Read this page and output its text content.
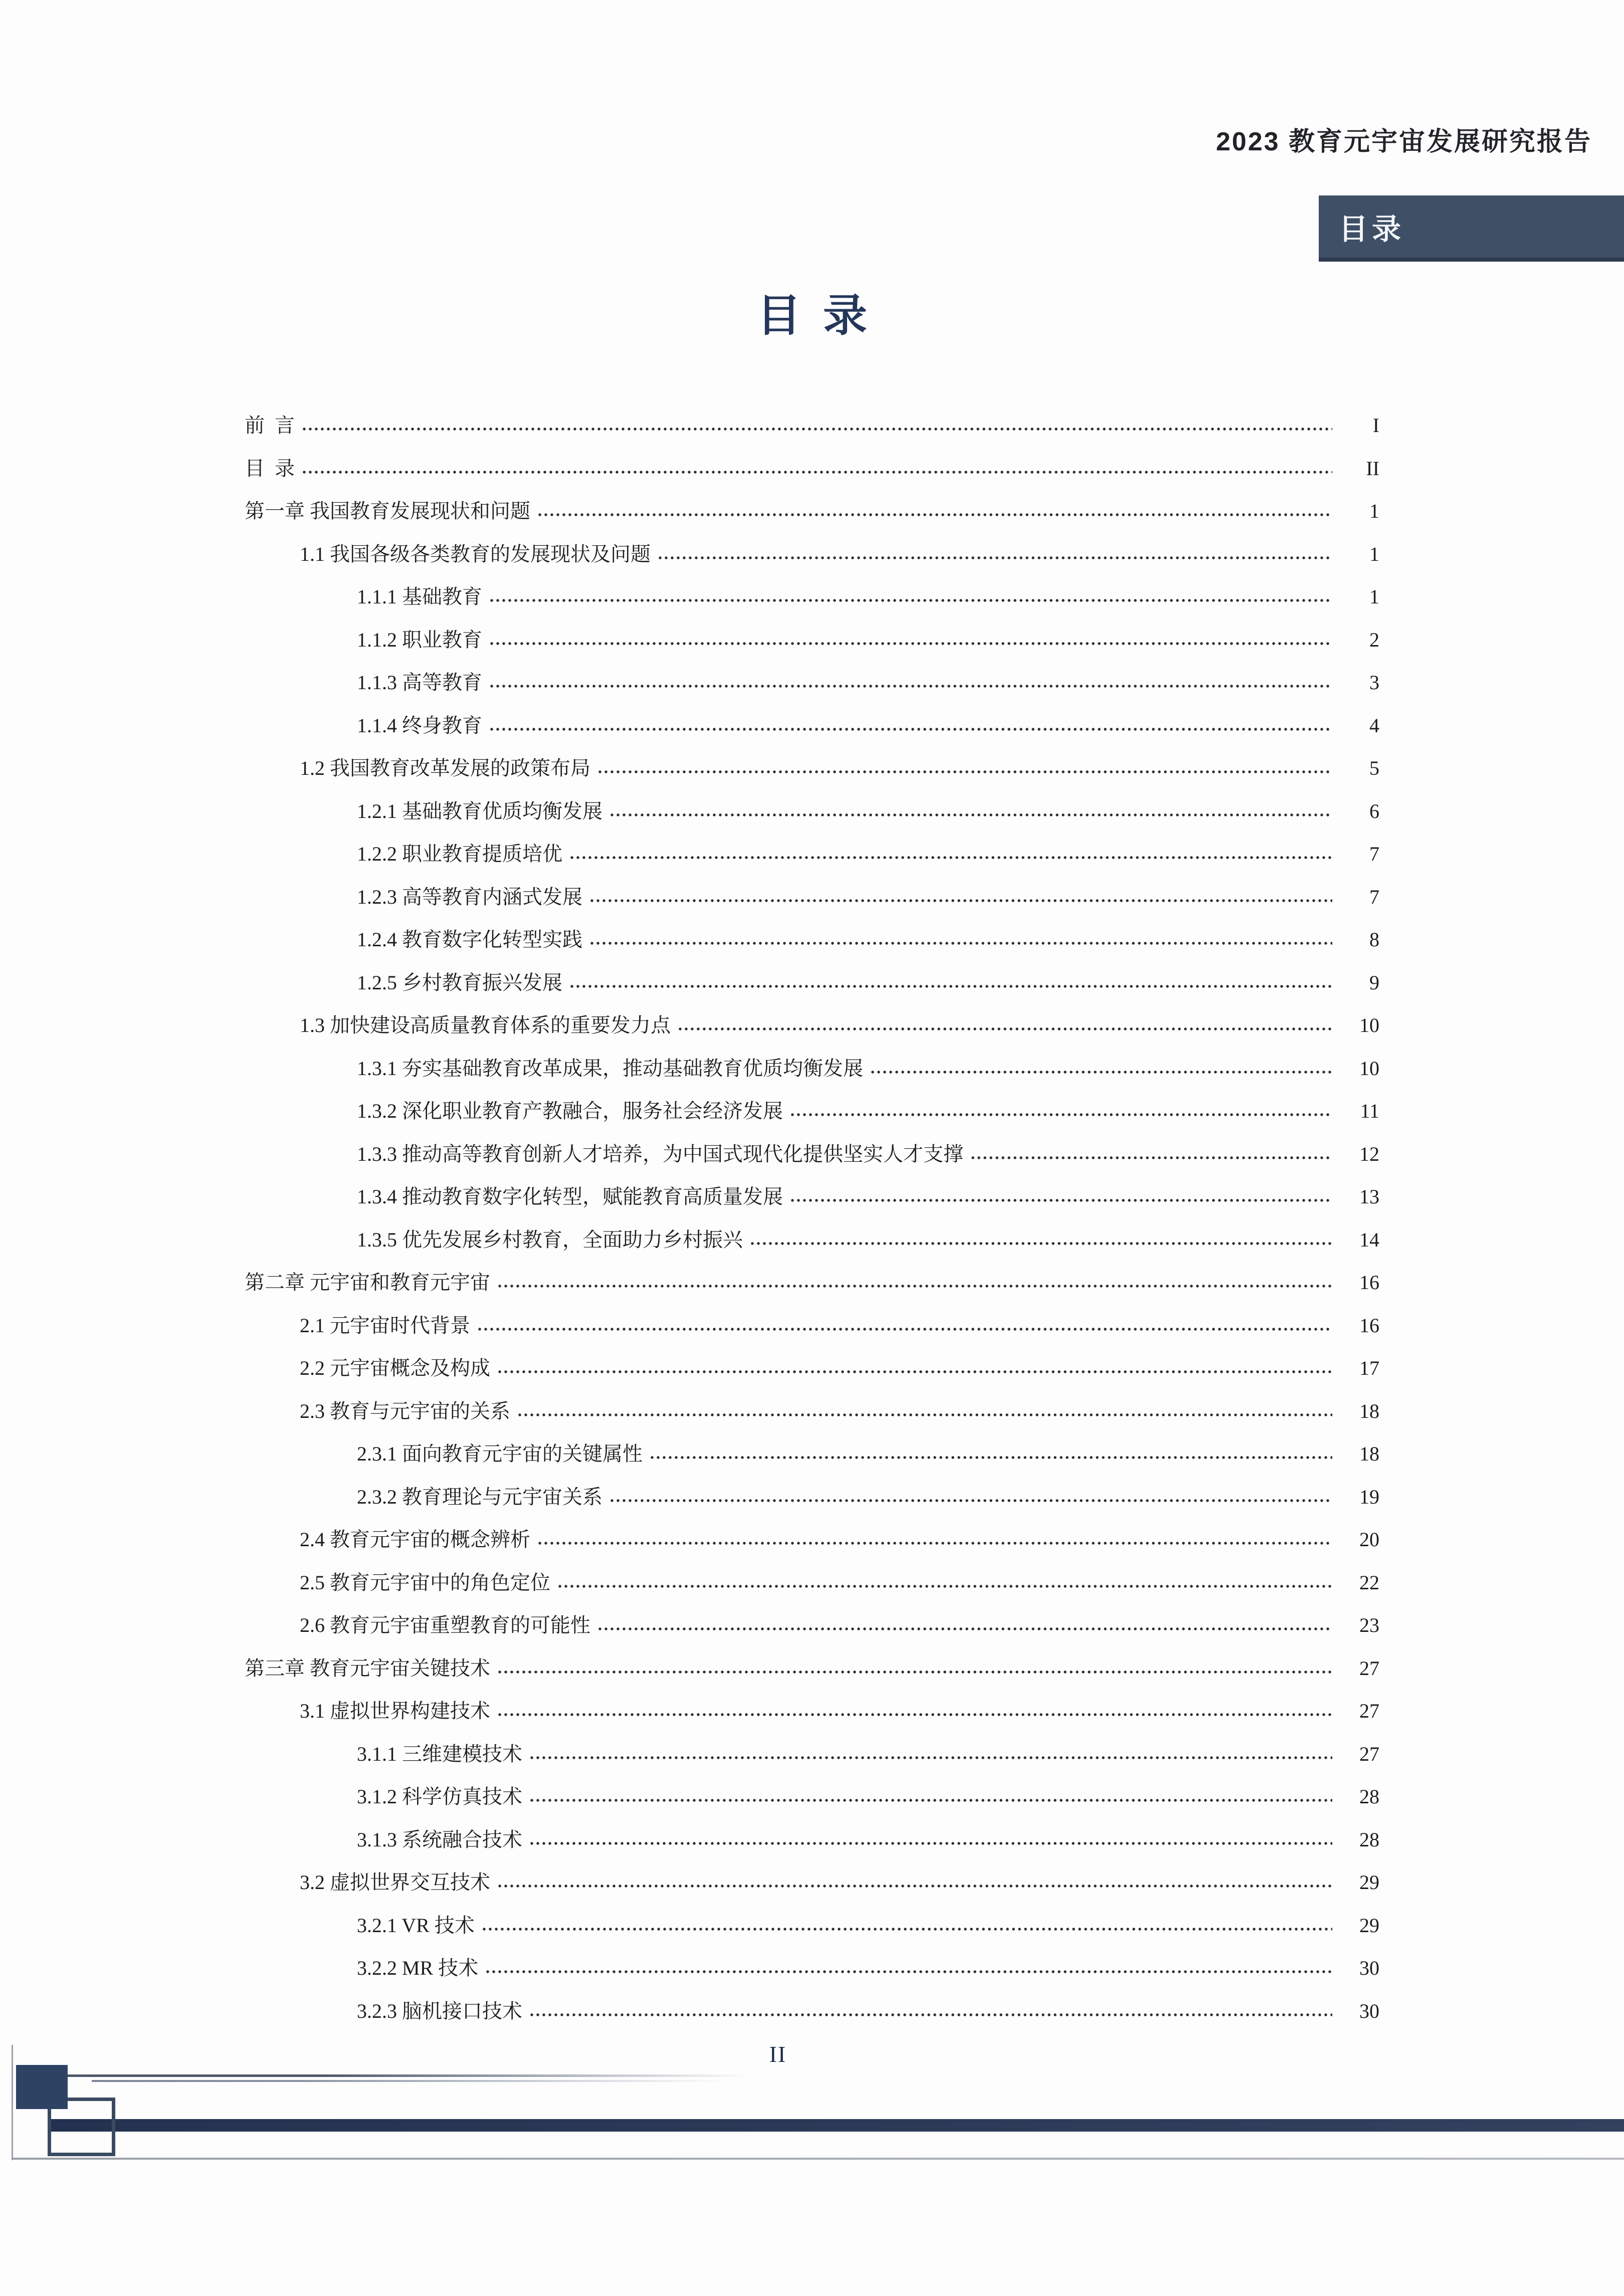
2023 教育元宇宙发展研究报告
目录
目 录
前 言	I
目 录	II
第一章 我国教育发展现状和问题	1
1.1 我国各级各类教育的发展现状及问题	1
1.1.1 基础教育	1
1.1.2 职业教育	2
1.1.3 高等教育	3
1.1.4 终身教育	4
1.2 我国教育改革发展的政策布局	5
1.2.1 基础教育优质均衡发展	6
1.2.2 职业教育提质培优	7
1.2.3 高等教育内涵式发展	7
1.2.4 教育数字化转型实践	8
1.2.5 乡村教育振兴发展	9
1.3 加快建设高质量教育体系的重要发力点	10
1.3.1 夯实基础教育改革成果，推动基础教育优质均衡发展	10
1.3.2 深化职业教育产教融合，服务社会经济发展	11
1.3.3 推动高等教育创新人才培养，为中国式现代化提供坚实人才支撑	12
1.3.4 推动教育数字化转型，赋能教育高质量发展	13
1.3.5 优先发展乡村教育，全面助力乡村振兴	14
第二章 元宇宙和教育元宇宙	16
2.1 元宇宙时代背景	16
2.2 元宇宙概念及构成	17
2.3 教育与元宇宙的关系	18
2.3.1 面向教育元宇宙的关键属性	18
2.3.2 教育理论与元宇宙关系	19
2.4 教育元宇宙的概念辨析	20
2.5 教育元宇宙中的角色定位	22
2.6 教育元宇宙重塑教育的可能性	23
第三章 教育元宇宙关键技术	27
3.1 虚拟世界构建技术	27
3.1.1 三维建模技术	27
3.1.2 科学仿真技术	28
3.1.3 系统融合技术	28
3.2 虚拟世界交互技术	29
3.2.1 VR 技术	29
3.2.2 MR 技术	30
3.2.3 脑机接口技术	30
II
